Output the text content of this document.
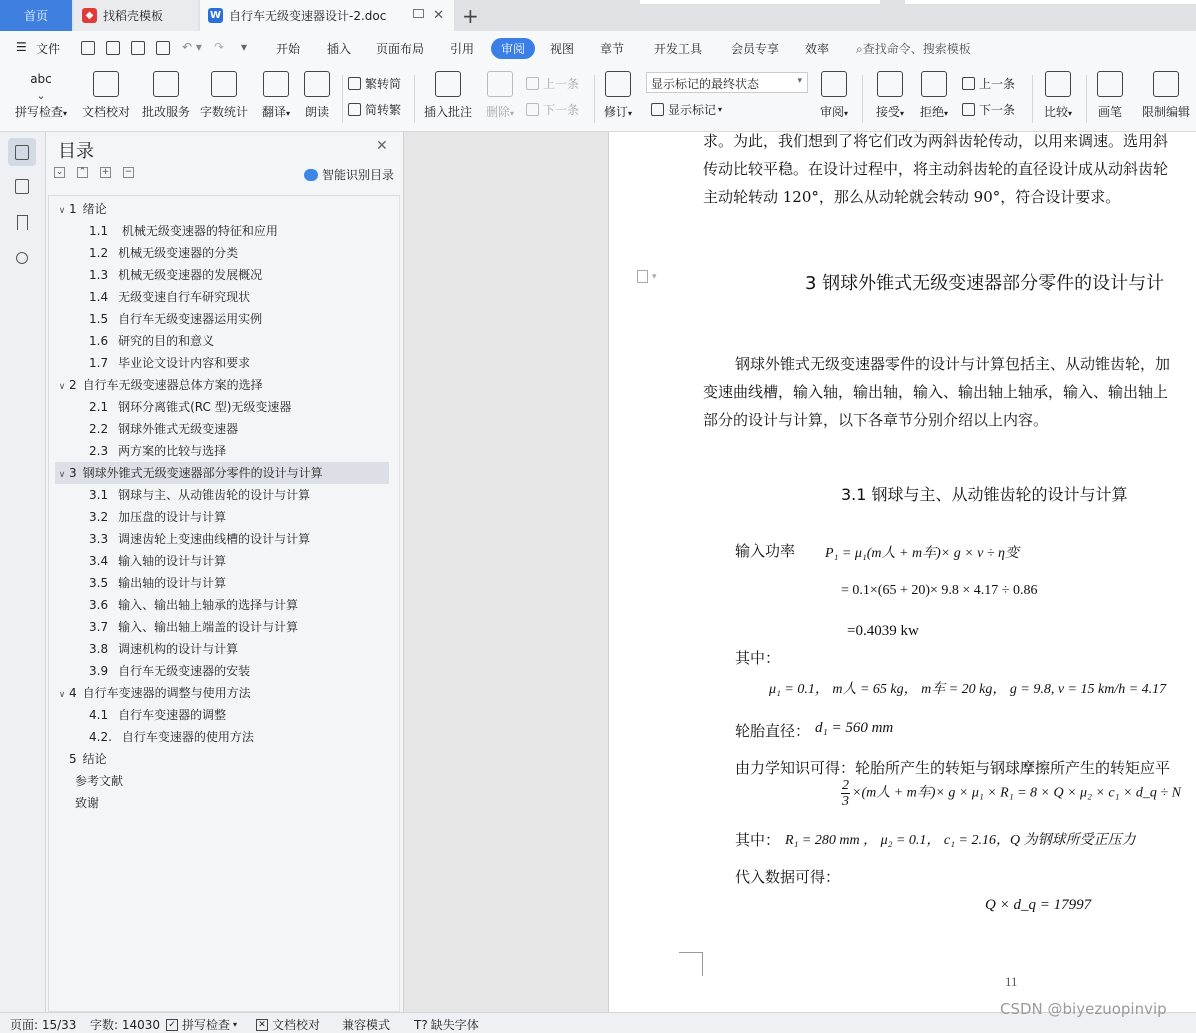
首页	◆ 找稻壳模板	W 自行车无级变速器设计-2.doc	✕ +
☰ 文件	↶ ▾ ↷ ▾ 开始 插入 页面布局 引用	审阅	视图 章节 开发工具 会员专享 效率 ⌕查找命令、搜索模板
abc
⌄
拼写检查▾	文档校对 批改服务 字数统计	翻译▾	朗读
繁转简
简转繁	插入批注	删除▾
上一条
下一条	修订▾
显示标记的最终状态	▾
显示标记 ▾	审阅▾	接受▾	拒绝▾
上一条
下一条	比较▾	画笔	限制编辑
目录	✕
⌄ ⌃ + −	智能识别目录
∨ 1 绪论
1.1 机械无级变速器的特征和应用
1.2 机械无级变速器的分类
1.3 机械无级变速器的发展概况
1.4 无级变速自行车研究现状
1.5 自行车无级变速器运用实例
1.6 研究的目的和意义
1.7 毕业论文设计内容和要求
∨ 2 自行车无级变速器总体方案的选择
2.1 钢环分离锥式(RC 型)无级变速器
2.2 钢球外锥式无级变速器
2.3 两方案的比较与选择
∨ 3 钢球外锥式无级变速器部分零件的设计与计算
3.1 钢球与主、从动锥齿轮的设计与计算
3.2 加压盘的设计与计算
3.3 调速齿轮上变速曲线槽的设计与计算
3.4 输入轴的设计与计算
3.5 输出轴的设计与计算
3.6 输入、输出轴上轴承的选择与计算
3.7 输入、输出轴上端盖的设计与计算
3.8 调速机构的设计与计算
3.9 自行车无级变速器的安装
∨ 4 自行车变速器的调整与使用方法
4.1 自行车变速器的调整
4.2. 自行车变速器的使用方法
5 结论
参考文献
致谢
求。为此，我们想到了将它们改为两斜齿轮传动，以用来调速。选用斜
传动比较平稳。在设计过程中，将主动斜齿轮的直径设计成从动斜齿轮
主动轮转动 120°，那么从动轮就会转动 90°，符合设计要求。
▾	3 钢球外锥式无级变速器部分零件的设计与计
钢球外锥式无级变速器零件的设计与计算包括主、从动锥齿轮，加
变速曲线槽，输入轴，输出轴，输入、输出轴上轴承，输入、输出轴上
部分的设计与计算，以下各章节分别介绍以上内容。
3.1 钢球与主、从动锥齿轮的设计与计算
输入功率 P₁ = μ₁(m人 + m车)× g × v ÷ η变
= 0.1×(65 + 20)× 9.8 × 4.17 ÷ 0.86
=0.4039 kw
其中：
μ₁ = 0.1， m人 = 65 kg， m车 = 20 kg， g = 9.8, v = 15 km/h = 4.17
轮胎直径： d₁ = 560 mm
由力学知识可得：轮胎所产生的转矩与钢球摩擦所产生的转矩应平
$\frac{2}{3} \times(m$人 + m车)× g × μ₁ × R₁ = 8 × Q × μ₂ × c₁ × d_q ÷ N
其中： R₁ = 280 mm ， μ₂ = 0.1， c₁ = 2.16，Q 为钢球所受正压力
代入数据可得：
Q × d_q = 17997
11
页面: 15/33 字数: 14030 ✓ 拼写检查 ▾ ✕ 文档校对 兼容模式 T? 缺失字体
CSDN @biyezuopinvip
